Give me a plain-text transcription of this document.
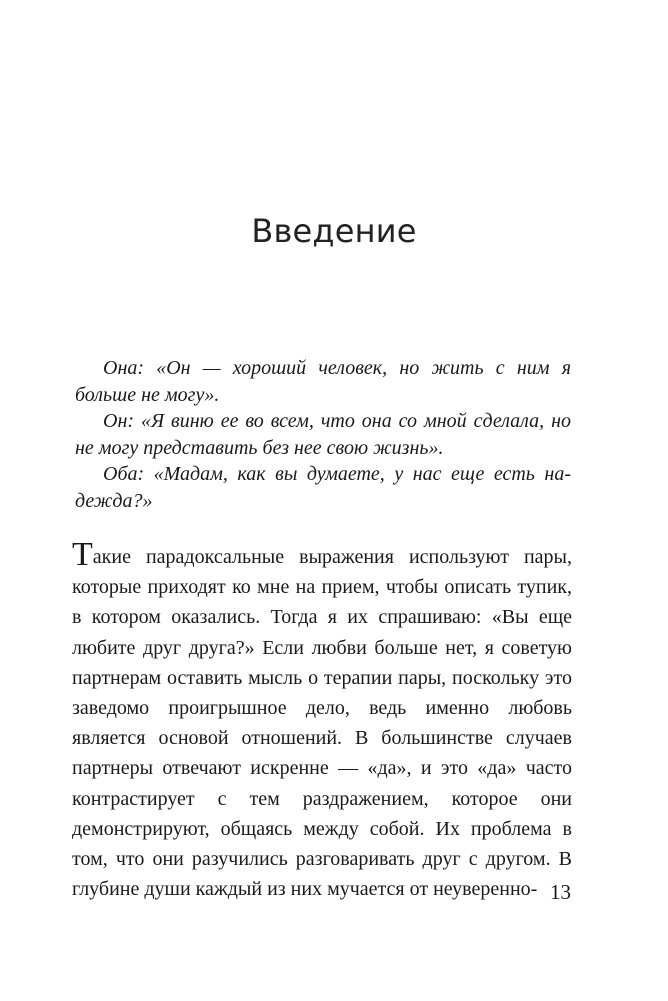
Введение

Она: «Он — хороший человек, но жить с ним я больше не могу».

Он: «Я виню ее во всем, что она со мной сделала, но не могу представить без нее свою жизнь».

Оба: «Мадам, как вы думаете, у нас еще есть надежда?»

Такие парадоксальные выражения используют пары, которые приходят ко мне на прием, чтобы описать тупик, в котором оказались. Тогда я их спрашиваю: «Вы еще любите друг друга?» Если любви больше нет, я советую партнерам оставить мысль о терапии пары, поскольку это заведомо проигрышное дело, ведь именно любовь является основой отношений. В большинстве случаев партнеры отвечают искренне — «да», и это «да» часто контрастирует с тем раздражением, которое они демонстрируют, общаясь между собой. Их проблема в том, что они разучились разговаривать друг с другом. В глубине души каждый из них мучается от неуверенно- 13
